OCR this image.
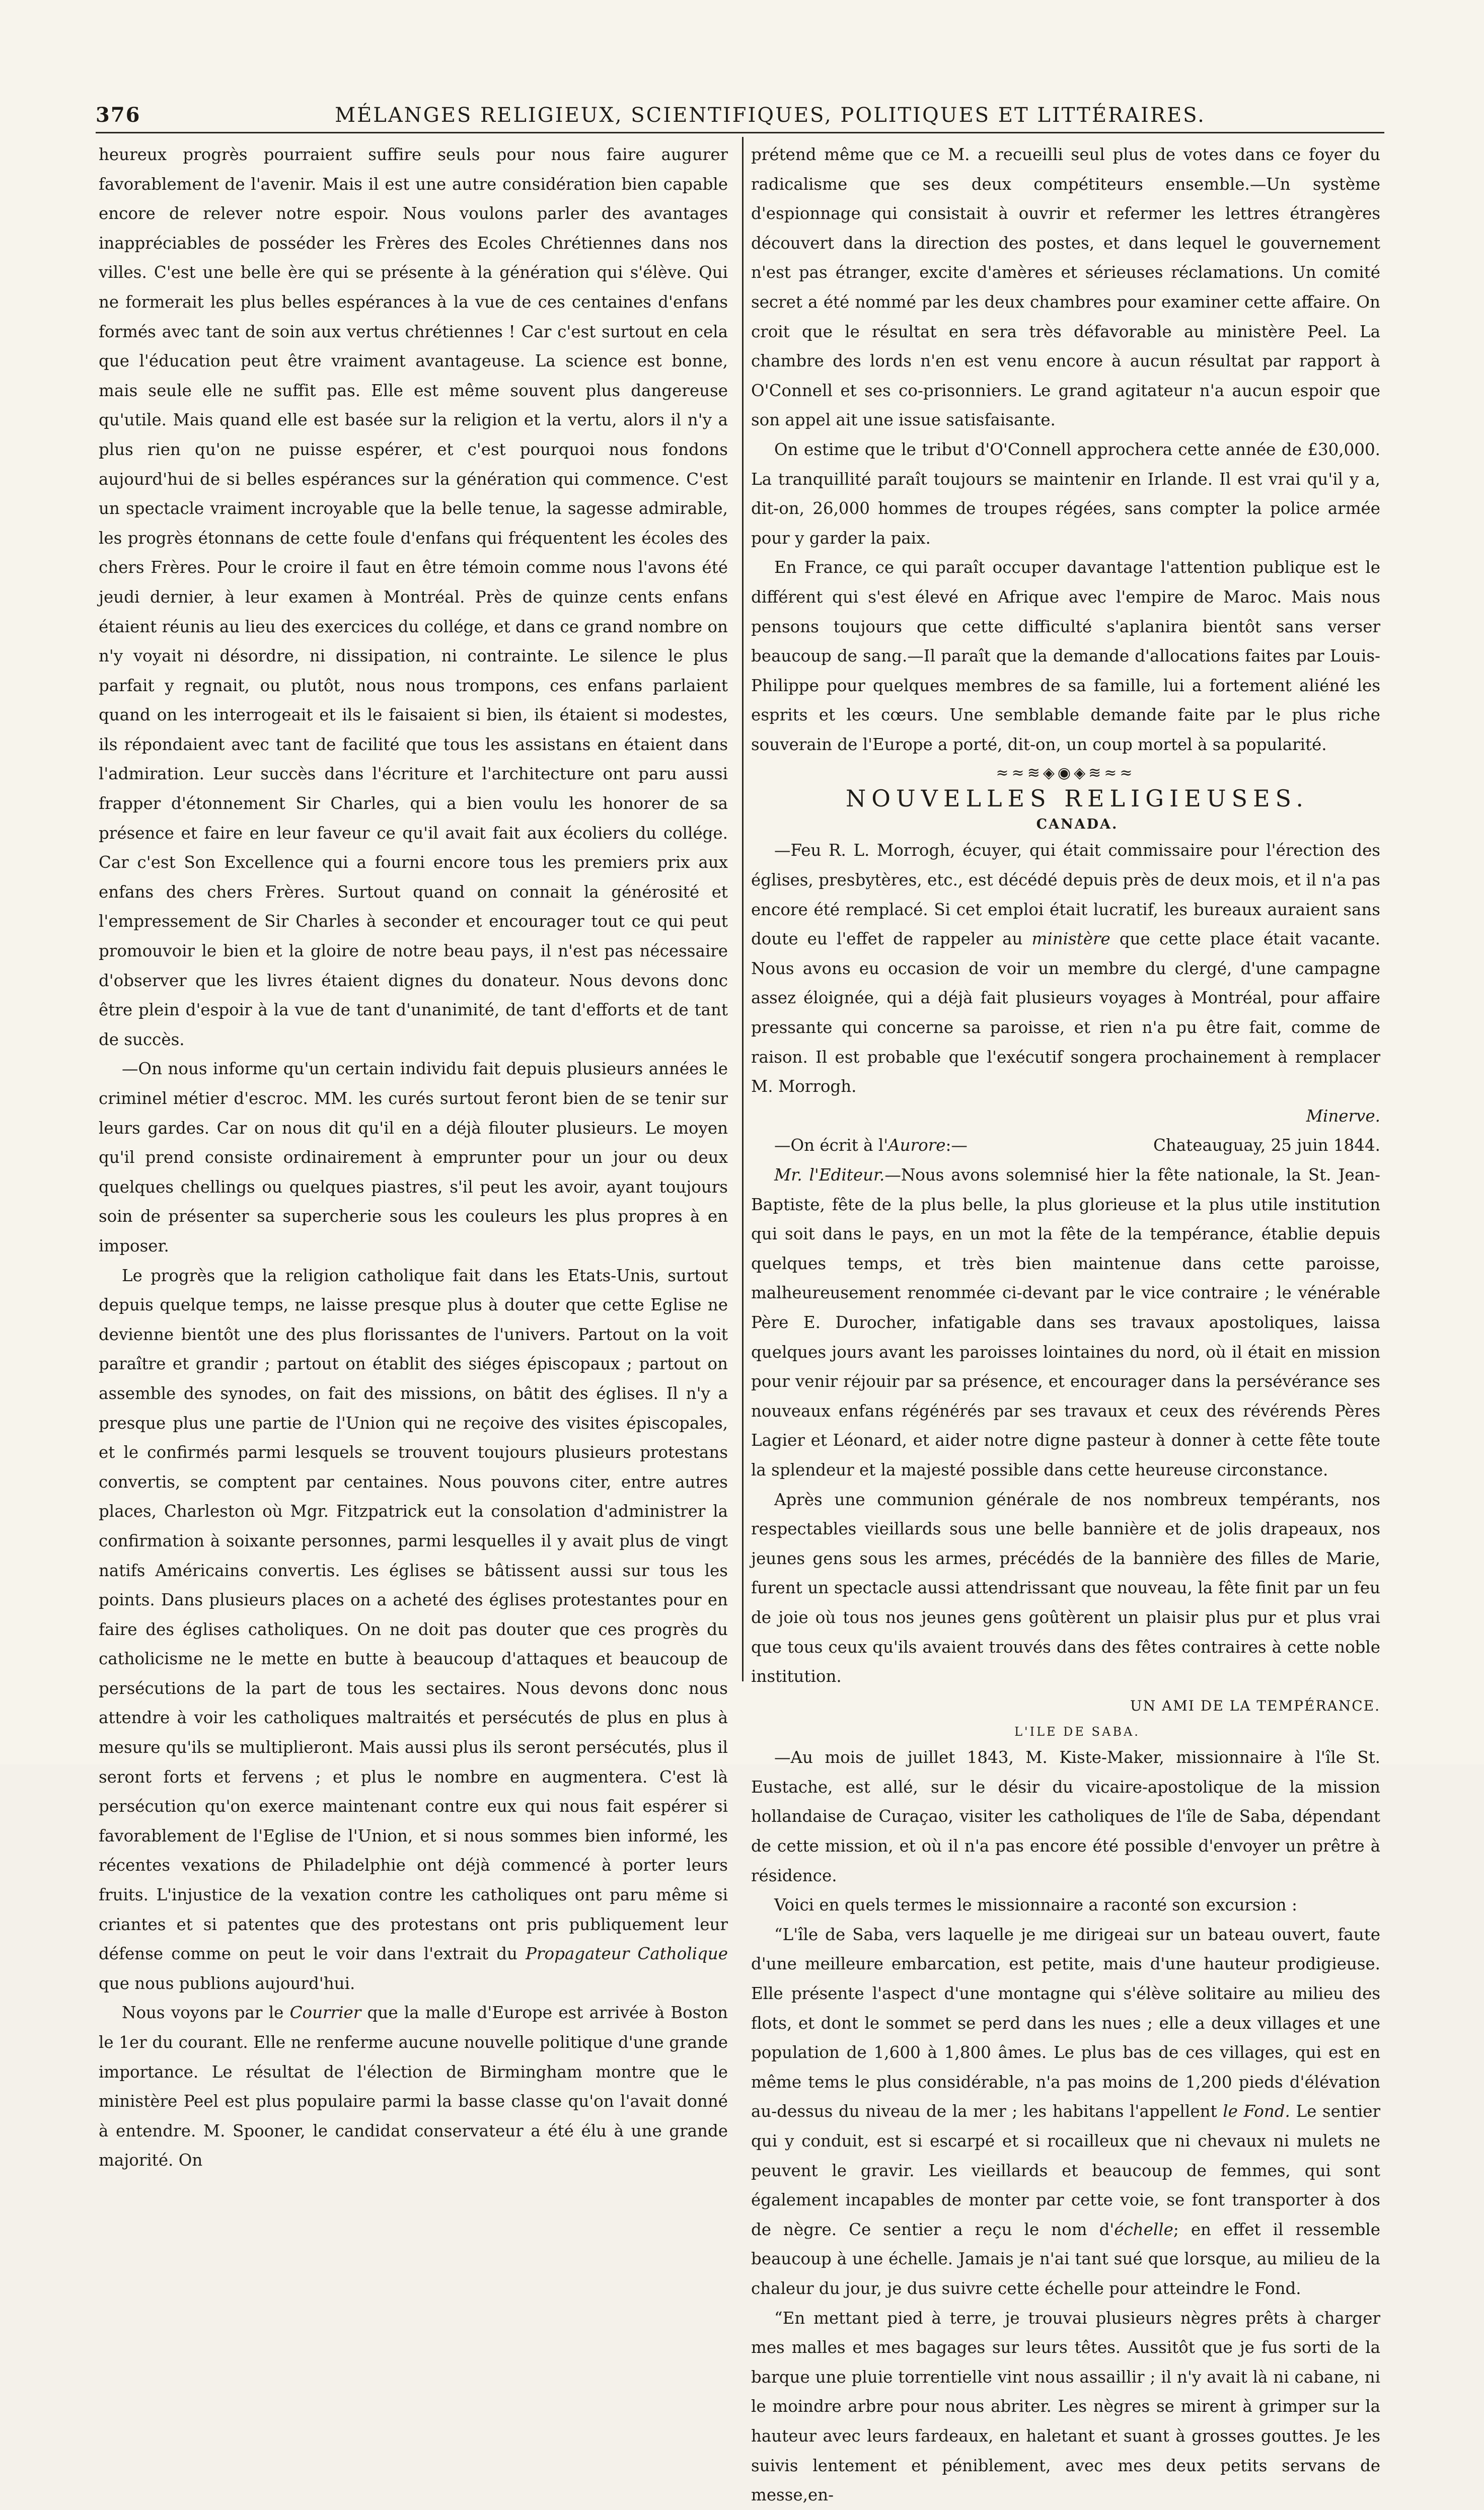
376	MÉLANGES RELIGIEUX, SCIENTIFIQUES, POLITIQUES ET LITTÉRAIRES.

heureux progrès pourraient suffire seuls pour nous faire augurer favorablement de l'avenir. Mais il est une autre considération bien capable encore de relever notre espoir. Nous voulons parler des avantages inappréciables de posséder les Frères des Ecoles Chrétiennes dans nos villes. C'est une belle ère qui se présente à la génération qui s'élève. Qui ne formerait les plus belles espérances à la vue de ces centaines d'enfans formés avec tant de soin aux vertus chrétiennes ! Car c'est surtout en cela que l'éducation peut être vraiment avantageuse. La science est bonne, mais seule elle ne suffit pas. Elle est même souvent plus dangereuse qu'utile. Mais quand elle est basée sur la religion et la vertu, alors il n'y a plus rien qu'on ne puisse espérer, et c'est pourquoi nous fondons aujourd'hui de si belles espérances sur la génération qui commence. C'est un spectacle vraiment incroyable que la belle tenue, la sagesse admirable, les progrès étonnans de cette foule d'enfans qui fréquentent les écoles des chers Frères. Pour le croire il faut en être témoin comme nous l'avons été jeudi dernier, à leur examen à Montréal. Près de quinze cents enfans étaient réunis au lieu des exercices du collége, et dans ce grand nombre on n'y voyait ni désordre, ni dissipation, ni contrainte. Le silence le plus parfait y regnait, ou plutôt, nous nous trompons, ces enfans parlaient quand on les interrogeait et ils le faisaient si bien, ils étaient si modestes, ils répondaient avec tant de facilité que tous les assistans en étaient dans l'admiration. Leur succès dans l'écriture et l'architecture ont paru aussi frapper d'étonnement Sir Charles, qui a bien voulu les honorer de sa présence et faire en leur faveur ce qu'il avait fait aux écoliers du collége. Car c'est Son Excellence qui a fourni encore tous les premiers prix aux enfans des chers Frères. Surtout quand on connait la générosité et l'empressement de Sir Charles à seconder et encourager tout ce qui peut promouvoir le bien et la gloire de notre beau pays, il n'est pas nécessaire d'observer que les livres étaient dignes du donateur. Nous devons donc être plein d'espoir à la vue de tant d'unanimité, de tant d'efforts et de tant de succès.

—On nous informe qu'un certain individu fait depuis plusieurs années le criminel métier d'escroc. MM. les curés surtout feront bien de se tenir sur leurs gardes. Car on nous dit qu'il en a déjà filouter plusieurs. Le moyen qu'il prend consiste ordinairement à emprunter pour un jour ou deux quelques chellings ou quelques piastres, s'il peut les avoir, ayant toujours soin de présenter sa supercherie sous les couleurs les plus propres à en imposer.

Le progrès que la religion catholique fait dans les Etats-Unis, surtout depuis quelque temps, ne laisse presque plus à douter que cette Eglise ne devienne bientôt une des plus florissantes de l'univers. Partout on la voit paraître et grandir ; partout on établit des siéges épiscopaux ; partout on assemble des synodes, on fait des missions, on bâtit des églises. Il n'y a presque plus une partie de l'Union qui ne reçoive des visites épiscopales, et le confirmés parmi lesquels se trouvent toujours plusieurs protestans convertis, se comptent par centaines. Nous pouvons citer, entre autres places, Charleston où Mgr. Fitzpatrick eut la consolation d'administrer la confirmation à soixante personnes, parmi lesquelles il y avait plus de vingt natifs Américains convertis. Les églises se bâtissent aussi sur tous les points. Dans plusieurs places on a acheté des églises protestantes pour en faire des églises catholiques. On ne doit pas douter que ces progrès du catholicisme ne le mette en butte à beaucoup d'attaques et beaucoup de persécutions de la part de tous les sectaires. Nous devons donc nous attendre à voir les catholiques maltraités et persécutés de plus en plus à mesure qu'ils se multiplieront. Mais aussi plus ils seront persécutés, plus il seront forts et fervens ; et plus le nombre en augmentera. C'est là persécution qu'on exerce maintenant contre eux qui nous fait espérer si favorablement de l'Eglise de l'Union, et si nous sommes bien informé, les récentes vexations de Philadelphie ont déjà commencé à porter leurs fruits. L'injustice de la vexation contre les catholiques ont paru même si criantes et si patentes que des protestans ont pris publiquement leur défense comme on peut le voir dans l'extrait du Propagateur Catholique que nous publions aujourd'hui.

Nous voyons par le Courrier que la malle d'Europe est arrivée à Boston le 1er du courant. Elle ne renferme aucune nouvelle politique d'une grande importance. Le résultat de l'élection de Birmingham montre que le ministère Peel est plus populaire parmi la basse classe qu'on l'avait donné à entendre. M. Spooner, le candidat conservateur a été élu à une grande majorité. On

prétend même que ce M. a recueilli seul plus de votes dans ce foyer du radicalisme que ses deux compétiteurs ensemble.—Un système d'espionnage qui consistait à ouvrir et refermer les lettres étrangères découvert dans la direction des postes, et dans lequel le gouvernement n'est pas étranger, excite d'amères et sérieuses réclamations. Un comité secret a été nommé par les deux chambres pour examiner cette affaire. On croit que le résultat en sera très défavorable au ministère Peel. La chambre des lords n'en est venu encore à aucun résultat par rapport à O'Connell et ses co-prisonniers. Le grand agitateur n'a aucun espoir que son appel ait une issue satisfaisante.

On estime que le tribut d'O'Connell approchera cette année de £30,000. La tranquillité paraît toujours se maintenir en Irlande. Il est vrai qu'il y a, dit-on, 26,000 hommes de troupes régées, sans compter la police armée pour y garder la paix.

En France, ce qui paraît occuper davantage l'attention publique est le différent qui s'est élevé en Afrique avec l'empire de Maroc. Mais nous pensons toujours que cette difficulté s'aplanira bientôt sans verser beaucoup de sang.—Il paraît que la demande d'allocations faites par Louis-Philippe pour quelques membres de sa famille, lui a fortement aliéné les esprits et les cœurs. Une semblable demande faite par le plus riche souverain de l'Europe a porté, dit-on, un coup mortel à sa popularité.

≈≈≋◈◉◈≋≈≈

NOUVELLES RELIGIEUSES.

CANADA.

—Feu R. L. Morrogh, écuyer, qui était commissaire pour l'érection des églises, presbytères, etc., est décédé depuis près de deux mois, et il n'a pas encore été remplacé. Si cet emploi était lucratif, les bureaux auraient sans doute eu l'effet de rappeler au ministère que cette place était vacante. Nous avons eu occasion de voir un membre du clergé, d'une campagne assez éloignée, qui a déjà fait plusieurs voyages à Montréal, pour affaire pressante qui concerne sa paroisse, et rien n'a pu être fait, comme de raison. Il est probable que l'exécutif songera prochainement à remplacer M. Morrogh.

Minerve.

—On écrit à l'Aurore:—	Chateauguay, 25 juin 1844.

Mr. l'Editeur.—Nous avons solemnisé hier la fête nationale, la St. Jean-Baptiste, fête de la plus belle, la plus glorieuse et la plus utile institution qui soit dans le pays, en un mot la fête de la tempérance, établie depuis quelques temps, et très bien maintenue dans cette paroisse, malheureusement renommée ci-devant par le vice contraire ; le vénérable Père E. Durocher, infatigable dans ses travaux apostoliques, laissa quelques jours avant les paroisses lointaines du nord, où il était en mission pour venir réjouir par sa présence, et encourager dans la persévérance ses nouveaux enfans régénérés par ses travaux et ceux des révérends Pères Lagier et Léonard, et aider notre digne pasteur à donner à cette fête toute la splendeur et la majesté possible dans cette heureuse circonstance.

Après une communion générale de nos nombreux tempérants, nos respectables vieillards sous une belle bannière et de jolis drapeaux, nos jeunes gens sous les armes, précédés de la bannière des filles de Marie, furent un spectacle aussi attendrissant que nouveau, la fête finit par un feu de joie où tous nos jeunes gens goûtèrent un plaisir plus pur et plus vrai que tous ceux qu'ils avaient trouvés dans des fêtes contraires à cette noble institution.

UN AMI DE LA TEMPÉRANCE.

L'ILE DE SABA.

—Au mois de juillet 1843, M. Kiste-Maker, missionnaire à l'île St. Eustache, est allé, sur le désir du vicaire-apostolique de la mission hollandaise de Curaçao, visiter les catholiques de l'île de Saba, dépendant de cette mission, et où il n'a pas encore été possible d'envoyer un prêtre à résidence.

Voici en quels termes le missionnaire a raconté son excursion :

“L'île de Saba, vers laquelle je me dirigeai sur un bateau ouvert, faute d'une meilleure embarcation, est petite, mais d'une hauteur prodigieuse. Elle présente l'aspect d'une montagne qui s'élève solitaire au milieu des flots, et dont le sommet se perd dans les nues ; elle a deux villages et une population de 1,600 à 1,800 âmes. Le plus bas de ces villages, qui est en même tems le plus considérable, n'a pas moins de 1,200 pieds d'élévation au-dessus du niveau de la mer ; les habitans l'appellent le Fond. Le sentier qui y conduit, est si escarpé et si rocailleux que ni chevaux ni mulets ne peuvent le gravir. Les vieillards et beaucoup de femmes, qui sont également incapables de monter par cette voie, se font transporter à dos de nègre. Ce sentier a reçu le nom d'échelle; en effet il ressemble beaucoup à une échelle. Jamais je n'ai tant sué que lorsque, au milieu de la chaleur du jour, je dus suivre cette échelle pour atteindre le Fond.

“En mettant pied à terre, je trouvai plusieurs nègres prêts à charger mes malles et mes bagages sur leurs têtes. Aussitôt que je fus sorti de la barque une pluie torrentielle vint nous assaillir ; il n'y avait là ni cabane, ni le moindre arbre pour nous abriter. Les nègres se mirent à grimper sur la hauteur avec leurs fardeaux, en haletant et suant à grosses gouttes. Je les suivis lentement et péniblement, avec mes deux petits servans de messe,en-
